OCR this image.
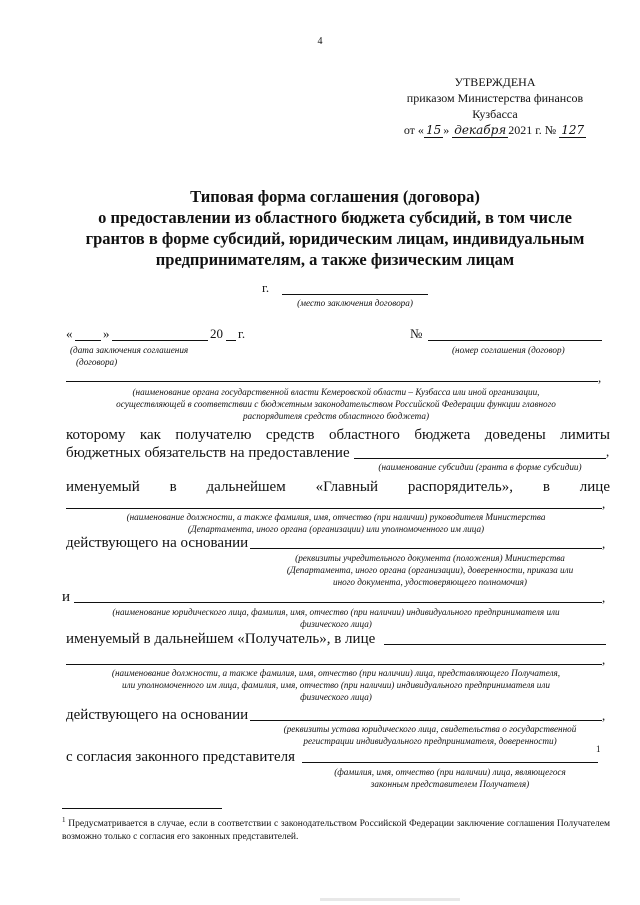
4
УТВЕРЖДЕНА
приказом Министерства финансов
Кузбасса
от « 15 » декабря 2021 г. № 127
Типовая форма соглашения (договора)
о предоставлении из областного бюджета субсидий, в том числе
грантов в форме субсидий, юридическим лицам, индивидуальным
предпринимателям, а также физическим лицам
г.
(место заключения договора)
« »	20 г.	№
(дата заключения соглашения
(договора)
(номер соглашения (договор)
,
(наименование органа государственной власти Кемеровской области – Кузбасса или иной организации,
осуществляющей в соответствии с бюджетным законодательством Российской Федерации функции главного
распорядителя средств областного бюджета)
которому как получателю средств областного бюджета доведены лимиты
бюджетных обязательств на предоставление	,
(наименование субсидии (гранта в форме субсидии)
именуемый в дальнейшем «Главный распорядитель», в лице
,
(наименование должности, а также фамилия, имя, отчество (при наличии) руководителя Министерства
(Департамента, иного органа (организации) или уполномоченного им лица)
действующего на основании	,
(реквизиты учредительного документа (положения) Министерства
(Департамента, иного органа (организации), доверенности, приказа или
иного документа, удостоверяющего полномочия)
и	,
(наименование юридического лица, фамилия, имя, отчество (при наличии) индивидуального предпринимателя или
физического лица)
именуемый в дальнейшем «Получатель», в лице
,
(наименование должности, а также фамилия, имя, отчество (при наличии) лица, представляющего Получателя,
или уполномоченного им лица, фамилия, имя, отчество (при наличии) индивидуального предпринимателя или
физического лица)
действующего на основании	,
(реквизиты устава юридического лица, свидетельства о государственной
регистрации индивидуального предпринимателя, доверенности)
с согласия законного представителя	1
(фамилия, имя, отчество (при наличии) лица, являющегося
законным представителем Получателя)
$^1$ Предусматривается в случае, если в соответствии с законодательством Российской Федерации заключение соглашения Получателем возможно только с согласия его законных представителей.
